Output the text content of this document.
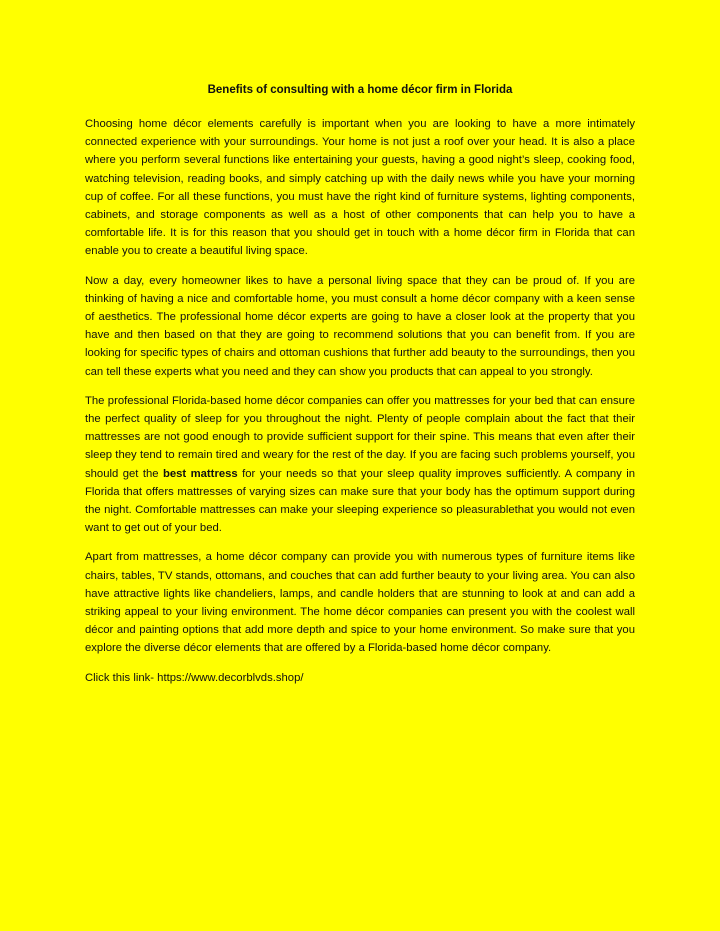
Benefits of consulting with a home décor firm in Florida

Choosing home décor elements carefully is important when you are looking to have a more intimately connected experience with your surroundings. Your home is not just a roof over your head. It is also a place where you perform several functions like entertaining your guests, having a good night’s sleep, cooking food, watching television, reading books, and simply catching up with the daily news while you have your morning cup of coffee. For all these functions, you must have the right kind of furniture systems, lighting components, cabinets, and storage components as well as a host of other components that can help you to have a comfortable life. It is for this reason that you should get in touch with a home décor firm in Florida that can enable you to create a beautiful living space.

Now a day, every homeowner likes to have a personal living space that they can be proud of. If you are thinking of having a nice and comfortable home, you must consult a home décor company with a keen sense of aesthetics. The professional home décor experts are going to have a closer look at the property that you have and then based on that they are going to recommend solutions that you can benefit from. If you are looking for specific types of chairs and ottoman cushions that further add beauty to the surroundings, then you can tell these experts what you need and they can show you products that can appeal to you strongly.

The professional Florida-based home décor companies can offer you mattresses for your bed that can ensure the perfect quality of sleep for you throughout the night. Plenty of people complain about the fact that their mattresses are not good enough to provide sufficient support for their spine. This means that even after their sleep they tend to remain tired and weary for the rest of the day. If you are facing such problems yourself, you should get the best mattress for your needs so that your sleep quality improves sufficiently. A company in Florida that offers mattresses of varying sizes can make sure that your body has the optimum support during the night. Comfortable mattresses can make your sleeping experience so pleasurablethat you would not even want to get out of your bed.

Apart from mattresses, a home décor company can provide you with numerous types of furniture items like chairs, tables, TV stands, ottomans, and couches that can add further beauty to your living area. You can also have attractive lights like chandeliers, lamps, and candle holders that are stunning to look at and can add a striking appeal to your living environment. The home décor companies can present you with the coolest wall décor and painting options that add more depth and spice to your home environment. So make sure that you explore the diverse décor elements that are offered by a Florida-based home décor company.

Click this link- https://www.decorblvds.shop/
